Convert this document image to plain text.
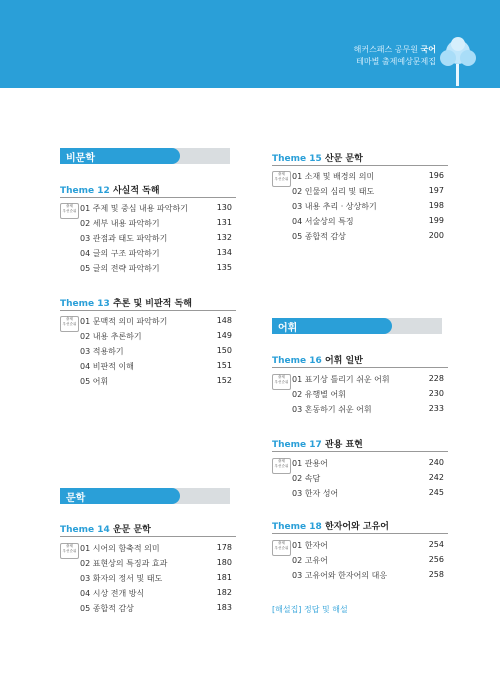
해커스패스 공무원 국어
테마별 출제예상문제집
비문학
Theme 12 사실적 독해
출제
우선순위 01 주제 및 중심 내용 파악하기	130
02 세부 내용 파악하기	131
03 관점과 태도 파악하기	132
04 글의 구조 파악하기	134
05 글의 전략 파악하기	135
Theme 13 추론 및 비판적 독해
출제
우선순위 01 문맥적 의미 파악하기	148
02 내용 추론하기	149
03 적용하기	150
04 비판적 이해	151
05 어휘	152
문학
Theme 14 운문 문학
출제
우선순위 01 시어의 함축적 의미	178
02 표현상의 특징과 효과	180
03 화자의 정서 및 태도	181
04 시상 전개 방식	182
05 종합적 감상	183
Theme 15 산문 문학
출제
우선순위 01 소재 및 배경의 의미	196
02 인물의 심리 및 태도	197
03 내용 추리 · 상상하기	198
04 서술상의 특징	199
05 종합적 감상	200
어휘
Theme 16 어휘 일반
출제
우선순위 01 표기상 틀리기 쉬운 어휘	228
02 유행별 어휘	230
03 혼동하기 쉬운 어휘	233
Theme 17 관용 표현
출제
우선순위 01 관용어	240
02 속담	242
03 한자 성어	245
Theme 18 한자어와 고유어
출제
우선순위 01 한자어	254
02 고유어	256
03 고유어와 한자어의 대응	258
[해설집] 정답 및 해설
